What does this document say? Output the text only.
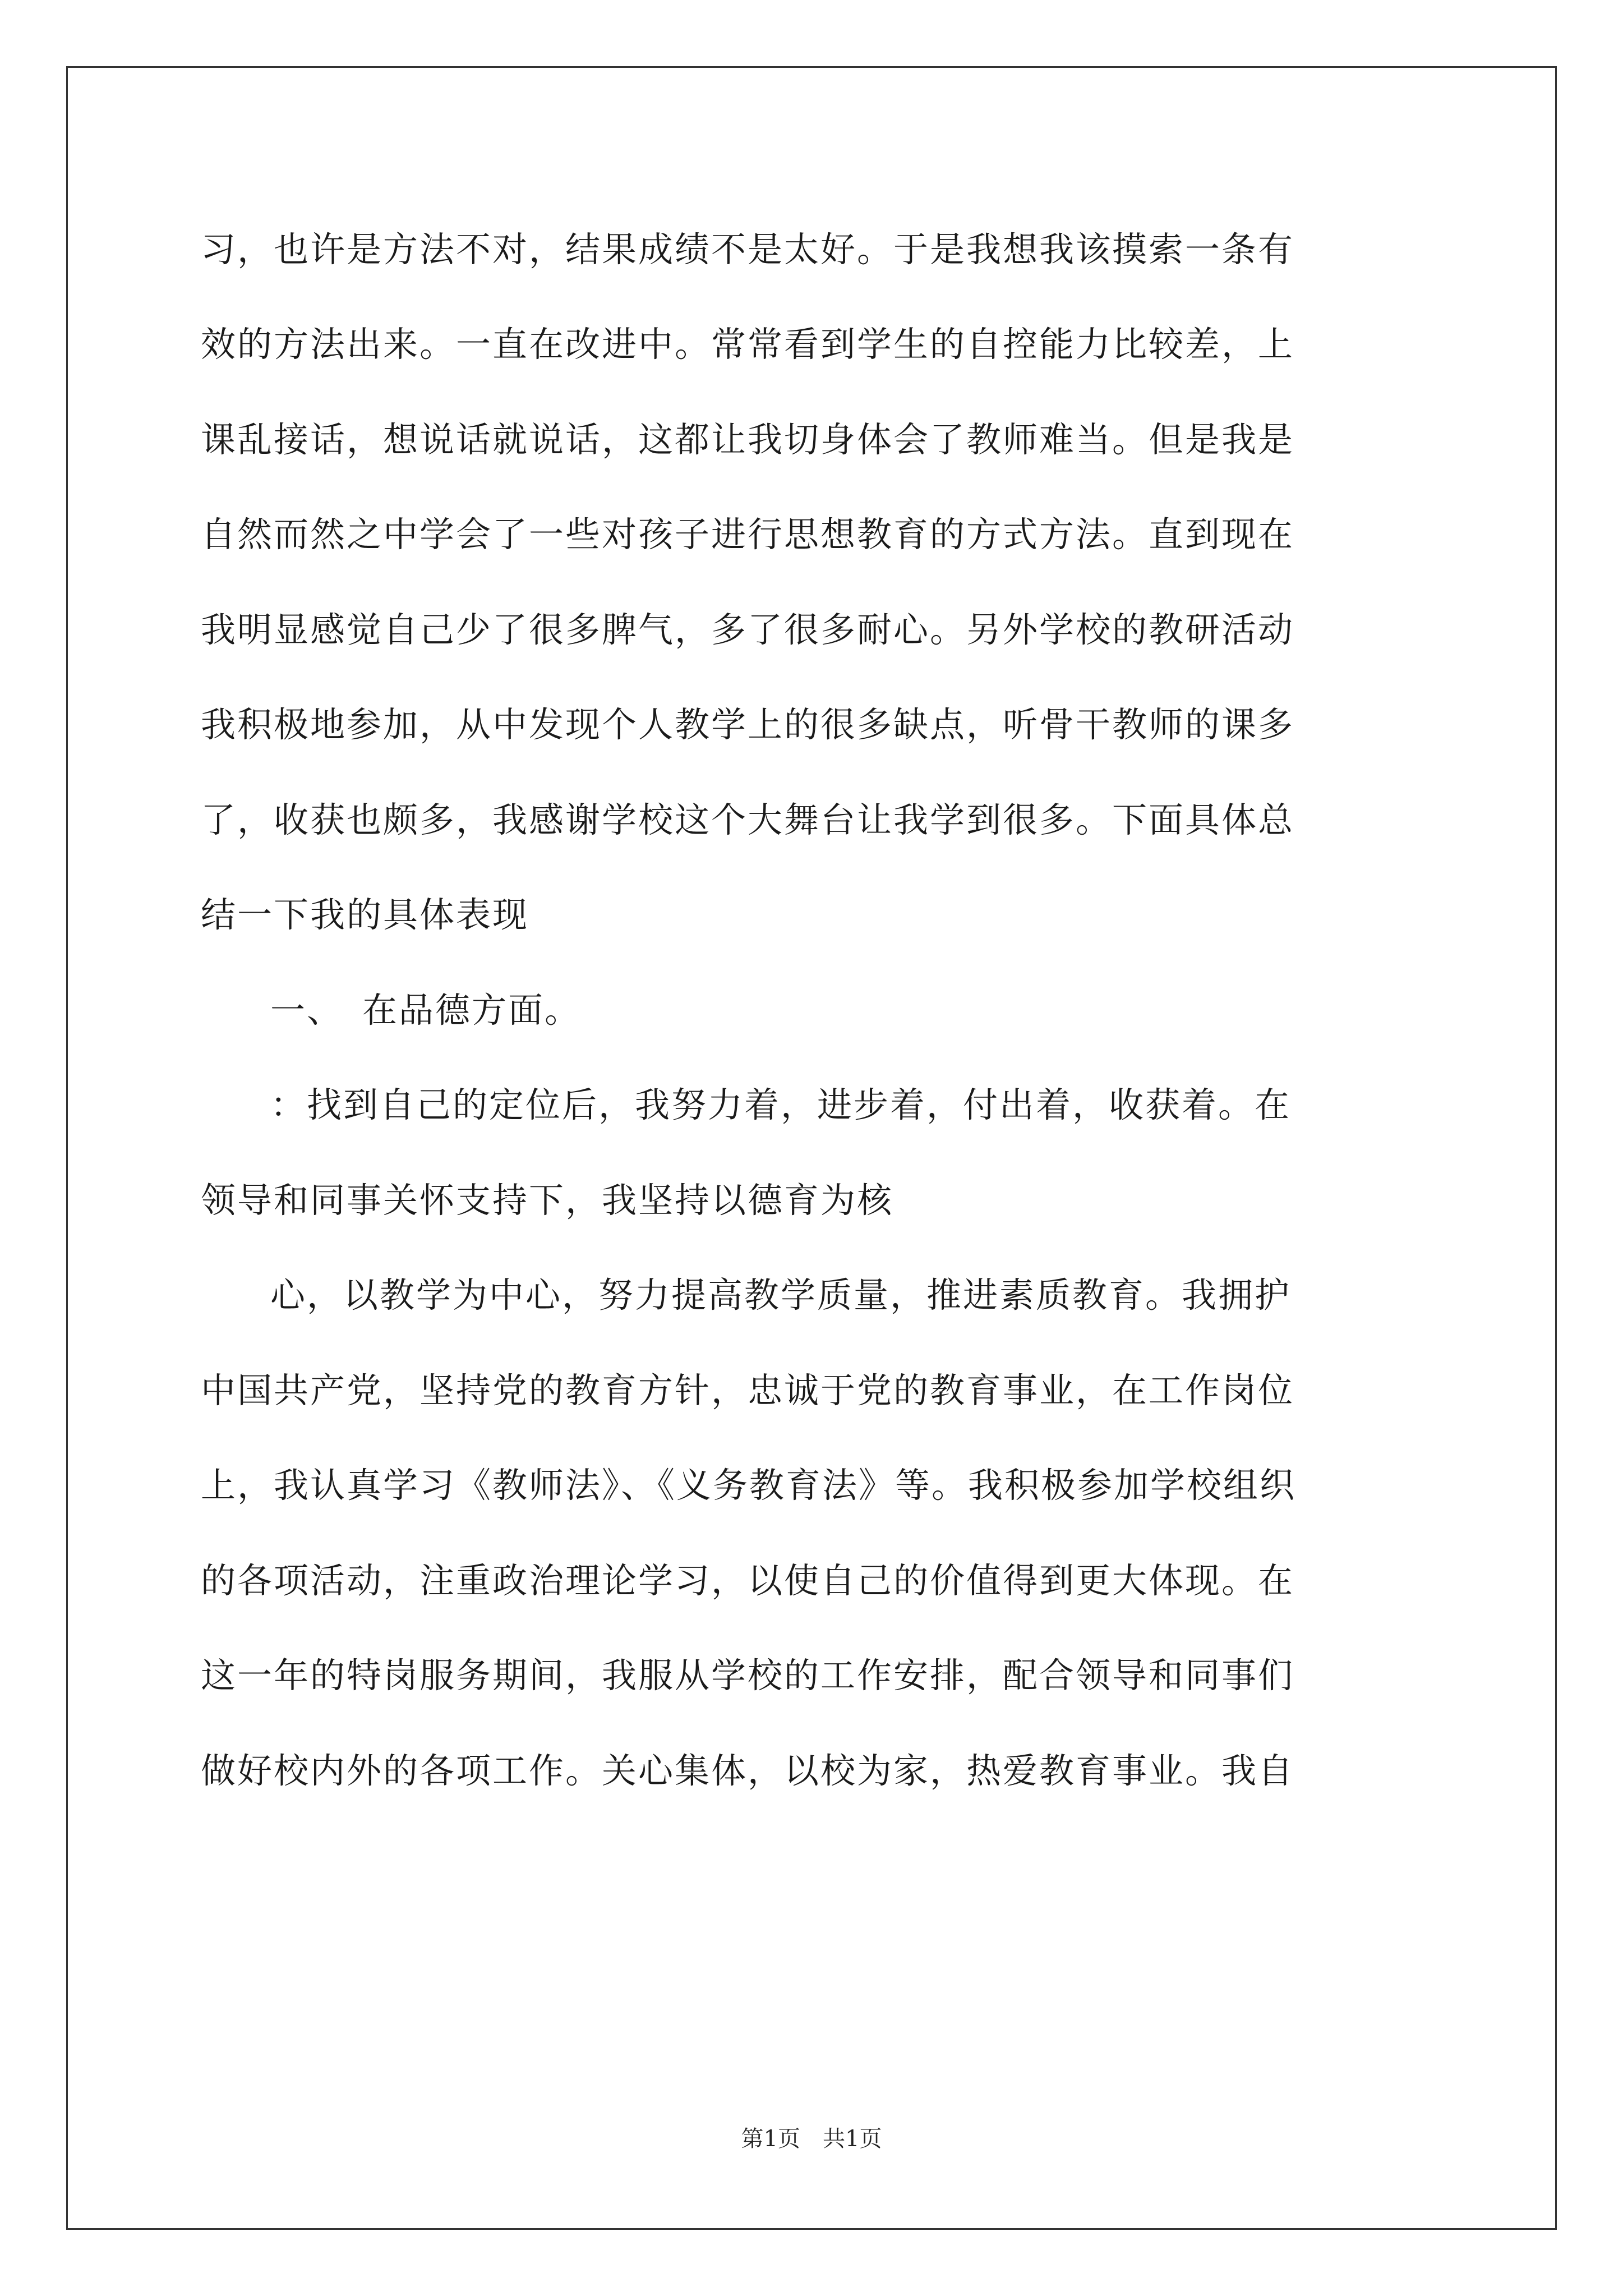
习，也许是方法不对，结果成绩不是太好。于是我想我该摸索一条有
效的方法出来。一直在改进中。常常看到学生的自控能力比较差，上
课乱接话，想说话就说话，这都让我切身体会了教师难当。但是我是
自然而然之中学会了一些对孩子进行思想教育的方式方法。直到现在
我明显感觉自己少了很多脾气，多了很多耐心。另外学校的教研活动
我积极地参加，从中发现个人教学上的很多缺点，听骨干教师的课多
了，收获也颇多，我感谢学校这个大舞台让我学到很多。下面具体总
结一下我的具体表现
一、　在品德方面。
：找到自己的定位后，我努力着，进步着，付出着，收获着。在
领导和同事关怀支持下，我坚持以德育为核
心，以教学为中心，努力提高教学质量，推进素质教育。我拥护
中国共产党，坚持党的教育方针，忠诚于党的教育事业，在工作岗位
上，我认真学习《教师法》、《义务教育法》等。我积极参加学校组织
的各项活动，注重政治理论学习，以使自己的价值得到更大体现。在
这一年的特岗服务期间，我服从学校的工作安排，配合领导和同事们
做好校内外的各项工作。关心集体，以校为家，热爱教育事业。我自
第1页　共1页
